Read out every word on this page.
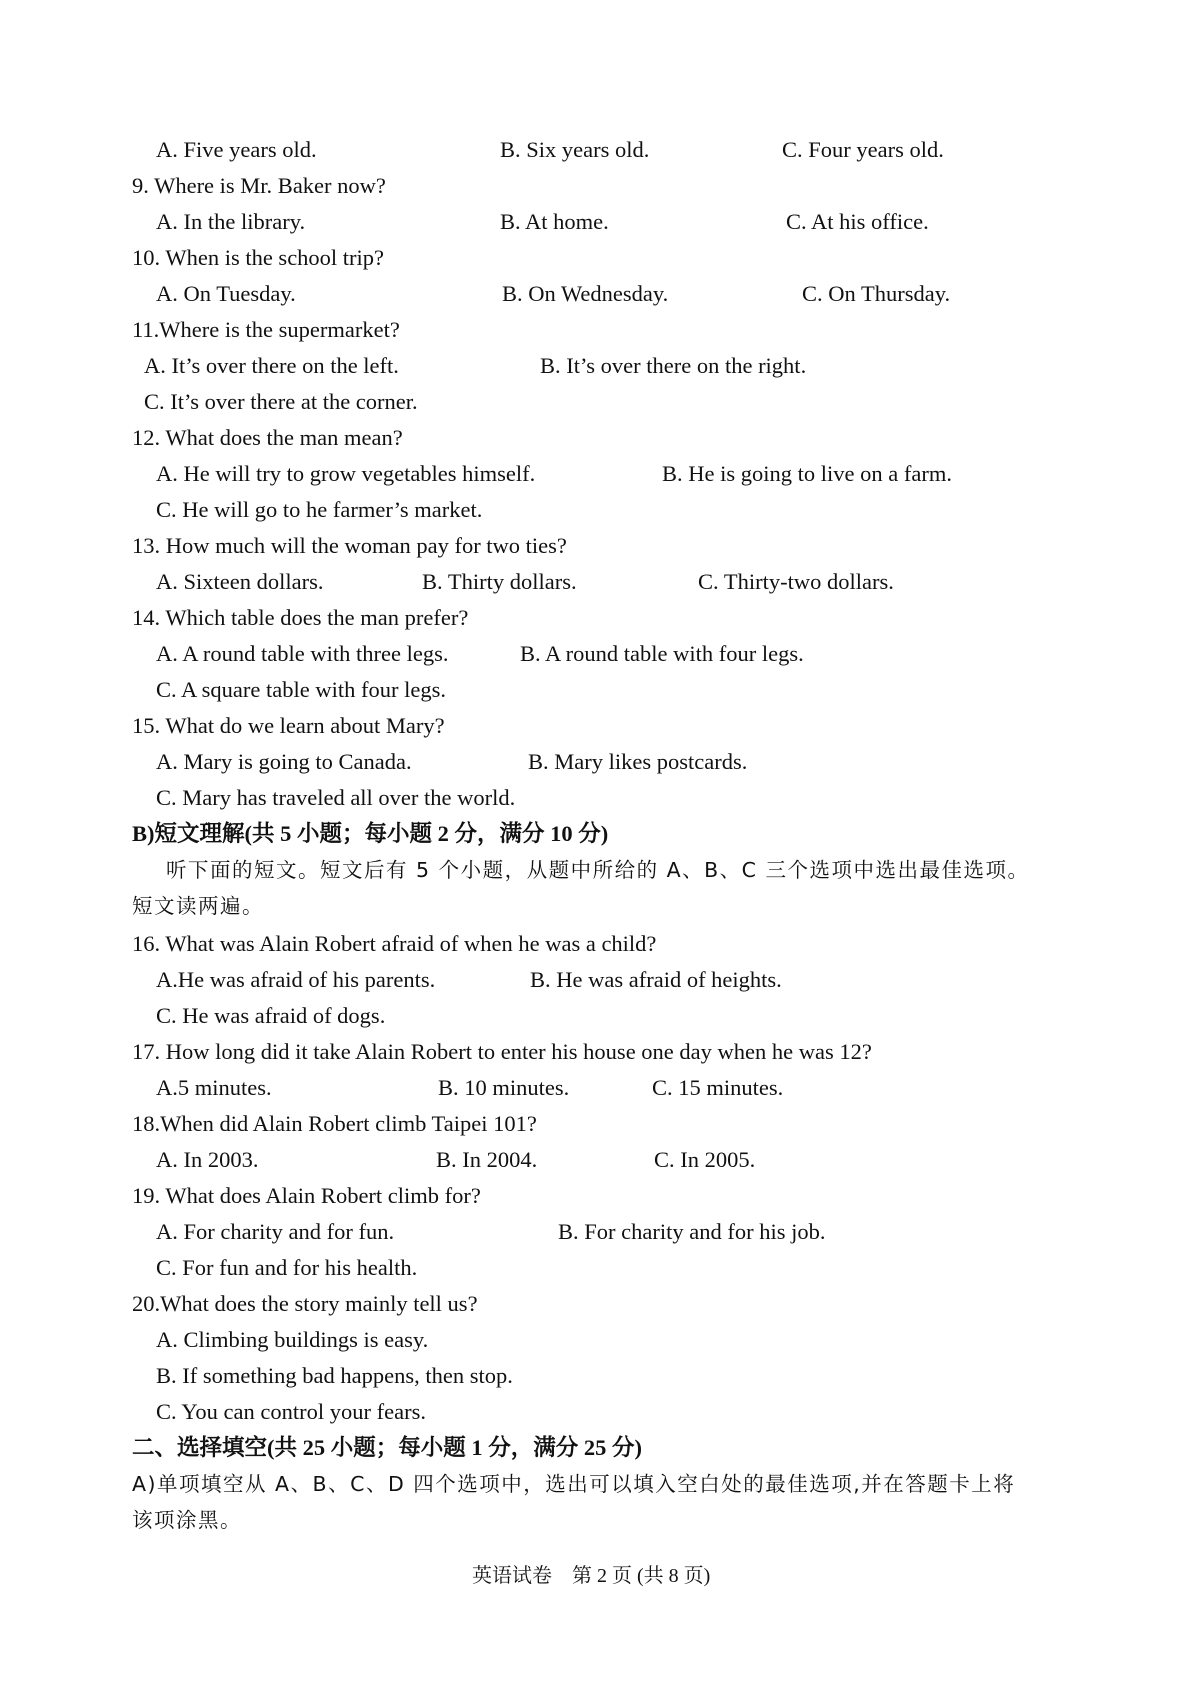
A. Five years old.	B. Six years old.	C. Four years old.
9. Where is Mr. Baker now?
A. In the library.	B. At home.	C. At his office.
10. When is the school trip?
A. On Tuesday.	B. On Wednesday.	C. On Thursday.
11.Where is the supermarket?
A. It’s over there on the left.	B. It’s over there on the right.
C. It’s over there at the corner.
12. What does the man mean?
A. He will try to grow vegetables himself.	B. He is going to live on a farm.
C. He will go to he farmer’s market.
13. How much will the woman pay for two ties?
A. Sixteen dollars.	B. Thirty dollars.	C. Thirty-two dollars.
14. Which table does the man prefer?
A. A round table with three legs.	B. A round table with four legs.
C. A square table with four legs.
15. What do we learn about Mary?
A. Mary is going to Canada.	B. Mary likes postcards.
C. Mary has traveled all over the world.
B)短文理解(共 5 小题；每小题 2 分，满分 10 分)
听下面的短文。短文后有 5 个小题，从题中所给的 A、B、C 三个选项中选出最佳选项。
短文读两遍。
16. What was Alain Robert afraid of when he was a child?
A.He was afraid of his parents.	B. He was afraid of heights.
C. He was afraid of dogs.
17. How long did it take Alain Robert to enter his house one day when he was 12?
A.5 minutes.	B. 10 minutes.	C. 15 minutes.
18.When did Alain Robert climb Taipei 101?
A. In 2003.	B. In 2004.	C. In 2005.
19. What does Alain Robert climb for?
A. For charity and for fun.	B. For charity and for his job.
C. For fun and for his health.
20.What does the story mainly tell us?
A. Climbing buildings is easy.
B. If something bad happens, then stop.
C. You can control your fears.
二、选择填空(共 25 小题；每小题 1 分，满分 25 分)
A)单项填空从 A、B、C、D 四个选项中，选出可以填入空白处的最佳选项,并在答题卡上将
该项涂黑。
英语试卷　第 2 页 (共 8 页)
